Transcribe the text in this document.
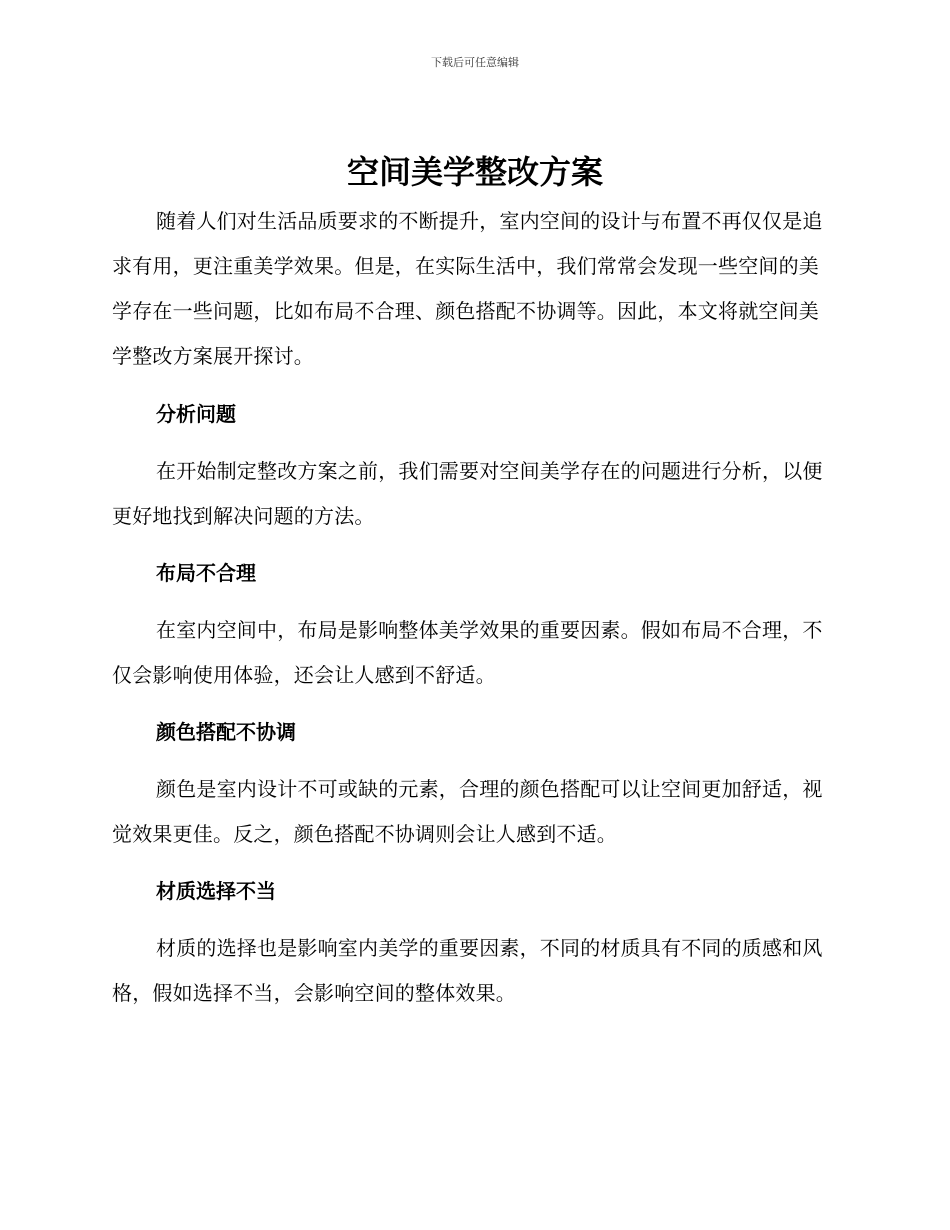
下载后可任意编辑
空间美学整改方案

随着人们对生活品质要求的不断提升，室内空间的设计与布置不再仅仅是追求有用，更注重美学效果。但是，在实际生活中，我们常常会发现一些空间的美学存在一些问题，比如布局不合理、颜色搭配不协调等。因此，本文将就空间美学整改方案展开探讨。

分析问题

在开始制定整改方案之前，我们需要对空间美学存在的问题进行分析，以便更好地找到解决问题的方法。

布局不合理

在室内空间中，布局是影响整体美学效果的重要因素。假如布局不合理，不仅会影响使用体验，还会让人感到不舒适。

颜色搭配不协调

颜色是室内设计不可或缺的元素，合理的颜色搭配可以让空间更加舒适，视觉效果更佳。反之，颜色搭配不协调则会让人感到不适。

材质选择不当

材质的选择也是影响室内美学的重要因素，不同的材质具有不同的质感和风格，假如选择不当，会影响空间的整体效果。
